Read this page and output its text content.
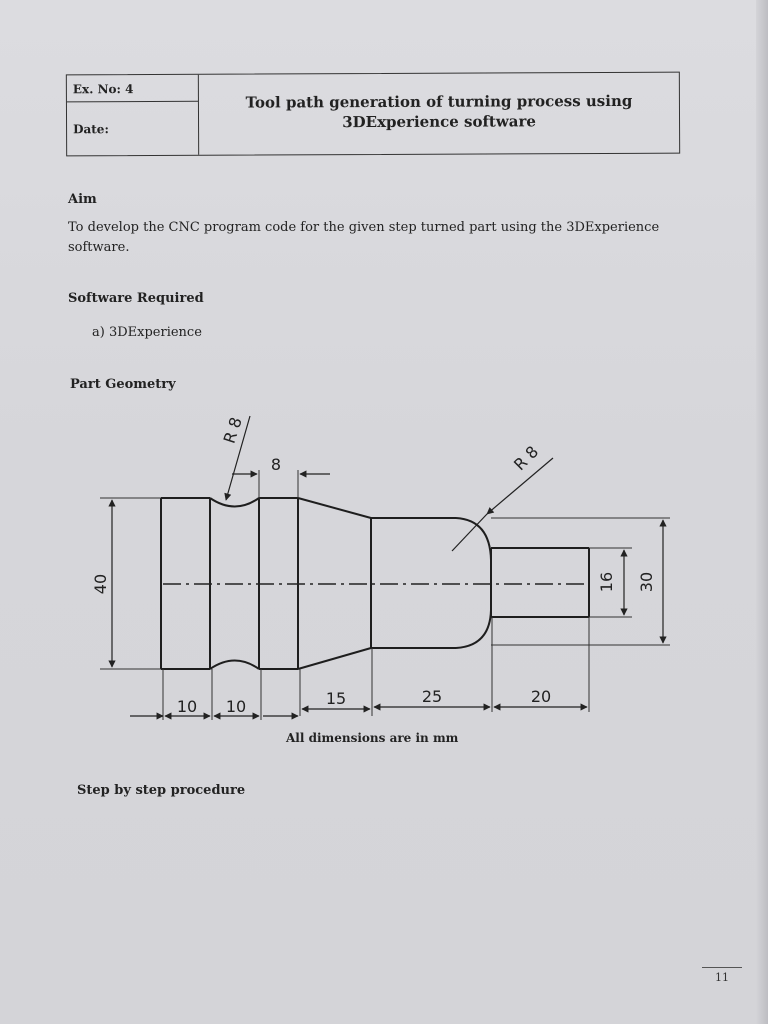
Ex. No: 4
Date:
Tool path generation of turning process using
3DExperience software
Aim
To develop the CNC program code for the given step turned part using the 3DExperience software.
Software Required
a) 3DExperience
Part Geometry
40	30
16
10 10	15	25	20
8
R 8
R 8
All dimensions are in mm
Step by step procedure
11
